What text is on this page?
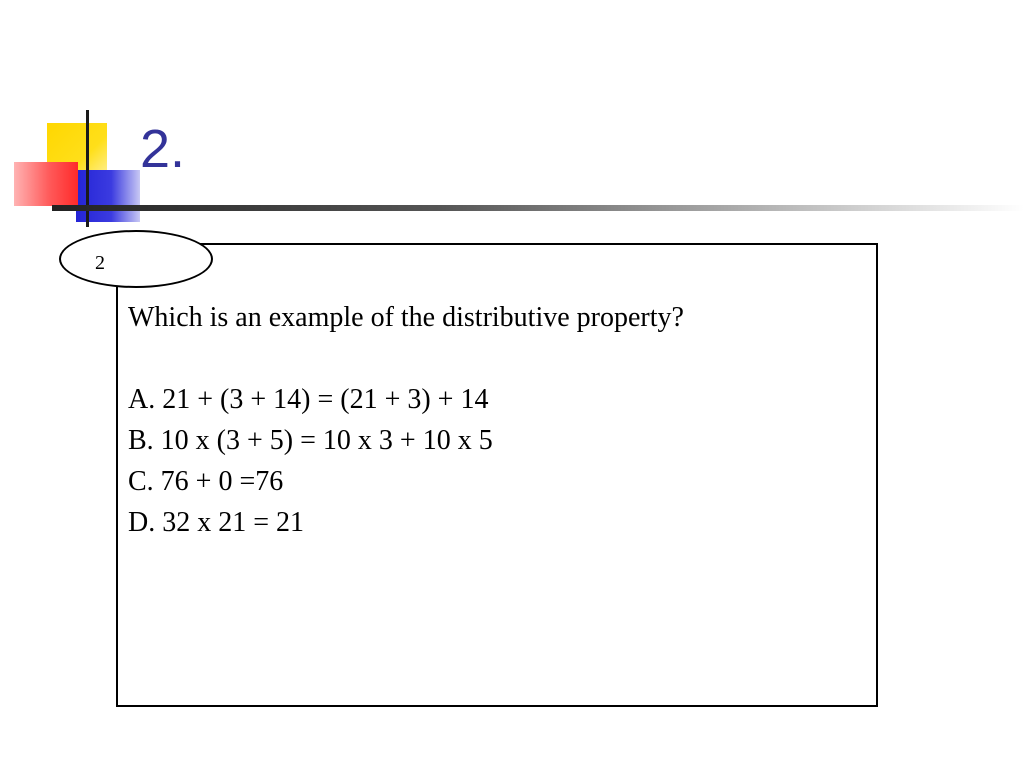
2.

Which is an example of the distributive property?

A. 21 + (3 + 14) = (21 + 3) + 14

B. 10 x (3 + 5) = 10 x 3 + 10 x 5

C. 76 + 0 =76

D. 32 x 21 = 21

2
